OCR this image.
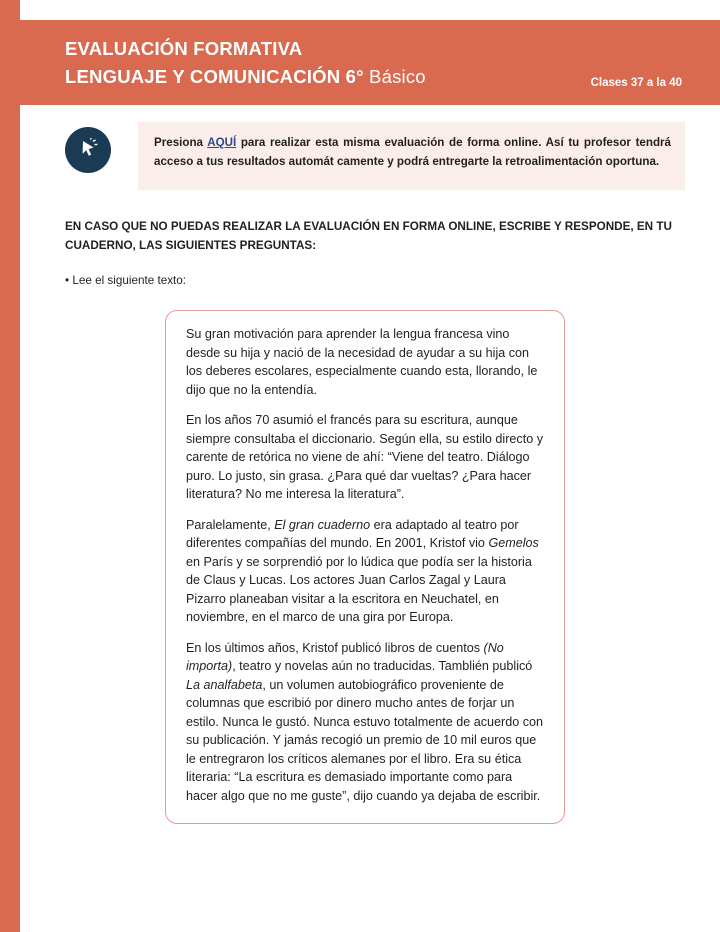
EVALUACIÓN FORMATIVA
LENGUAJE Y COMUNICACIÓN 6° Básico	Clases 37 a la 40
Presiona AQUÍ para realizar esta misma evaluación de forma online. Así tu profesor tendrá acceso a tus resultados automát camente y podrá entregarte la retroalimentación oportuna.
EN CASO QUE NO PUEDAS REALIZAR LA EVALUACIÓN EN FORMA ONLINE, ESCRIBE Y RESPONDE, EN TU CUADERNO, LAS SIGUIENTES PREGUNTAS:
• Lee el siguiente texto:

Su gran motivación para aprender la lengua francesa vino desde su hija y nació de la necesidad de ayudar a su hija con los deberes escolares, especialmente cuando esta, llorando, le dijo que no la entendía.

En los años 70 asumió el francés para su escritura, aunque siempre consultaba el diccionario. Según ella, su estilo directo y carente de retórica no viene de ahí: “Viene del teatro. Diálogo puro. Lo justo, sin grasa. ¿Para qué dar vueltas? ¿Para hacer literatura? No me interesa la literatura”.

Paralelamente, El gran cuaderno era adaptado al teatro por diferentes compañías del mundo. En 2001, Kristof vio Gemelos en París y se sorprendió por lo lúdica que podía ser la historia de Claus y Lucas. Los actores Juan Carlos Zagal y Laura Pizarro planeaban visitar a la escritora en Neuchatel, en noviembre, en el marco de una gira por Europa.

En los últimos años, Kristof publicó libros de cuentos (No importa), teatro y novelas aún no traducidas. Tamblién publicó La analfabeta, un volumen autobiográfico proveniente de columnas que escribió por dinero mucho antes de forjar un estilo. Nunca le gustó. Nunca estuvo totalmente de acuerdo con su publicación. Y jamás recogió un premio de 10 mil euros que le entregraron los críticos alemanes por el libro. Era su ética literaria: “La escritura es demasiado importante como para hacer algo que no me guste”, dijo cuando ya dejaba de escribir.
